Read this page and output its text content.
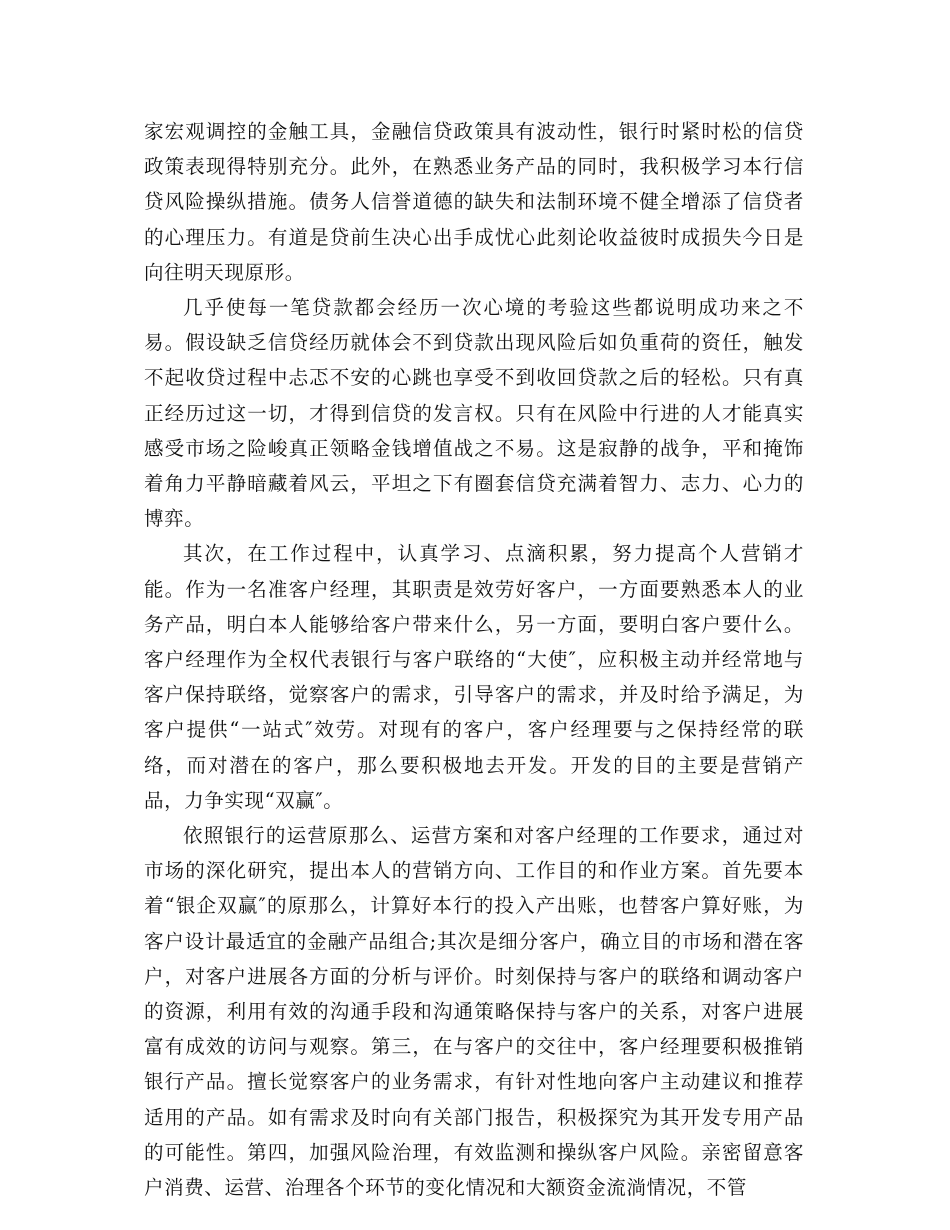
家宏观调控的金触工具，金融信贷政策具有波动性，银行时紧时松的信贷政策表现得特别充分。此外，在熟悉业务产品的同时，我积极学习本行信贷风险操纵措施。债务人信誉道德的缺失和法制环境不健全增添了信贷者的心理压力。有道是贷前生决心出手成忧心此刻论收益彼时成损失今日是向往明天现原形。

几乎使每一笔贷款都会经历一次心境的考验这些都说明成功来之不易。假设缺乏信贷经历就体会不到贷款出现风险后如负重荷的资任，触发不起收贷过程中忐忑不安的心跳也享受不到收回贷款之后的轻松。只有真正经历过这一切，才得到信贷的发言权。只有在风险中行进的人才能真实感受市场之险峻真正领略金钱增值战之不易。这是寂静的战争，平和掩饰着角力平静暗藏着风云，平坦之下有圈套信贷充满着智力、志力、心力的博弈。

其次，在工作过程中，认真学习、点滴积累，努力提高个人营销才能。作为一名准客户经理，其职责是效劳好客户，一方面要熟悉本人的业务产品，明白本人能够给客户带来什么，另一方面，要明白客户要什么。客户经理作为全权代表银行与客户联络的“大使″，应积极主动并经常地与客户保持联络，觉察客户的需求，引导客户的需求，并及时给予满足，为客户提供“一站式″效劳。对现有的客户，客户经理要与之保持经常的联络，而对潜在的客户，那么要积极地去开发。开发的目的主要是营销产品，力争实现“双赢″。

依照银行的运营原那么、运营方案和对客户经理的工作要求，通过对市场的深化研究，提出本人的营销方向、工作目的和作业方案。首先要本着“银企双赢″的原那么，计算好本行的投入产出账，也替客户算好账，为客户设计最适宜的金融产品组合;其次是细分客户，确立目的市场和潜在客户，对客户进展各方面的分析与评价。时刻保持与客户的联络和调动客户的资源，利用有效的沟通手段和沟通策略保持与客户的关系，对客户进展富有成效的访问与观察。第三，在与客户的交往中，客户经理要积极推销银行产品。擅长觉察客户的业务需求，有针对性地向客户主动建议和推荐适用的产品。如有需求及时向有关部门报告，积极探究为其开发专用产品的可能性。第四，加强风险治理，有效监测和操纵客户风险。亲密留意客户消费、运营、治理各个环节的变化情况和大额资金流淌情况，不管
